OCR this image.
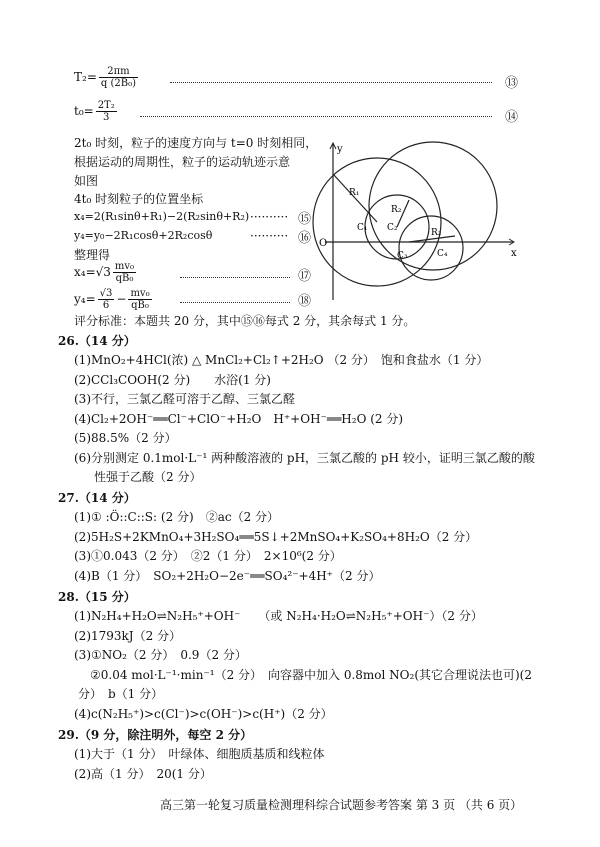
$T_2= \frac{2\pi m}{\text{q (2B₀)}}$	⑬
$t_0= \frac{\text{2T₂}}{3}$	⑭
2t₀ 时刻，粒子的速度方向与 t=0 时刻相同，
根据运动的周期性，粒子的运动轨迹示意
如图
4t₀ 时刻粒子的位置坐标
x₄=2(R₁sinθ+R₁)−2(R₂sinθ+R₂) ·········· ⑮
y₄=y₀−2R₁cosθ+2R₂cosθ	·········· ⑯
整理得
$x_4=√3 \frac{\text{mv₀}}{\text{qB₀}}$	⑰
$y_4= \frac{√3}{6} - \frac{\text{mv₀}}{\text{qB₀}}$	⑱
评分标准：本题共 20 分，其中⑮⑯每式 2 分，其余每式 1 分。
y
x
O
R₁
R₂
R₂
C₁ C₂
C₃	C₄
26.（14 分）
(1)MnO₂+4HCl(浓) △ MnCl₂+Cl₂↑+2H₂O （2 分）　饱和食盐水（1 分）
(2)CCl₃COOH(2 分)　　水浴(1 分)
(3)不行，三氯乙醛可溶于乙醇、三氯乙醛
(4)Cl₂+2OH⁻══Cl⁻+ClO⁻+H₂O　H⁺+OH⁻══H₂O (2 分)
(5)88.5%（2 分）
(6)分别测定 0.1mol·L⁻¹ 两种酸溶液的 pH，三氯乙酸的 pH 较小，证明三氯乙酸的酸
性强于乙酸（2 分）
27.（14 分）
(1)① :Ö::C::S: (2 分)　②ac（2 分）
(2)5H₂S+2KMnO₄+3H₂SO₄══5S↓+2MnSO₄+K₂SO₄+8H₂O（2 分）
(3)①0.043（2 分）　②2（1 分）　2×10⁶(2 分）
(4)B（1 分）　SO₂+2H₂O−2e⁻══SO₄²⁻+4H⁺（2 分）
28.（15 分）
(1)N₂H₄+H₂O⇌N₂H₅⁺+OH⁻　　（或 N₂H₄·H₂O⇌N₂H₅⁺+OH⁻）（2 分）
(2)1793kJ（2 分）
(3)①NO₂（2 分）　0.9（2 分）
②0.04 mol·L⁻¹·min⁻¹（2 分）　向容器中加入 0.8mol NO₂(其它合理说法也可)(2
分）　b（1 分）
(4)c(N₂H₅⁺)>c(Cl⁻)>c(OH⁻)>c(H⁺)（2 分）
29.（9 分，除注明外，每空 2 分）
(1)大于（1 分）　叶绿体、细胞质基质和线粒体
(2)高（1 分）　20(1 分）
高三第一轮复习质量检测理科综合试题参考答案 第 3 页 （共 6 页）
